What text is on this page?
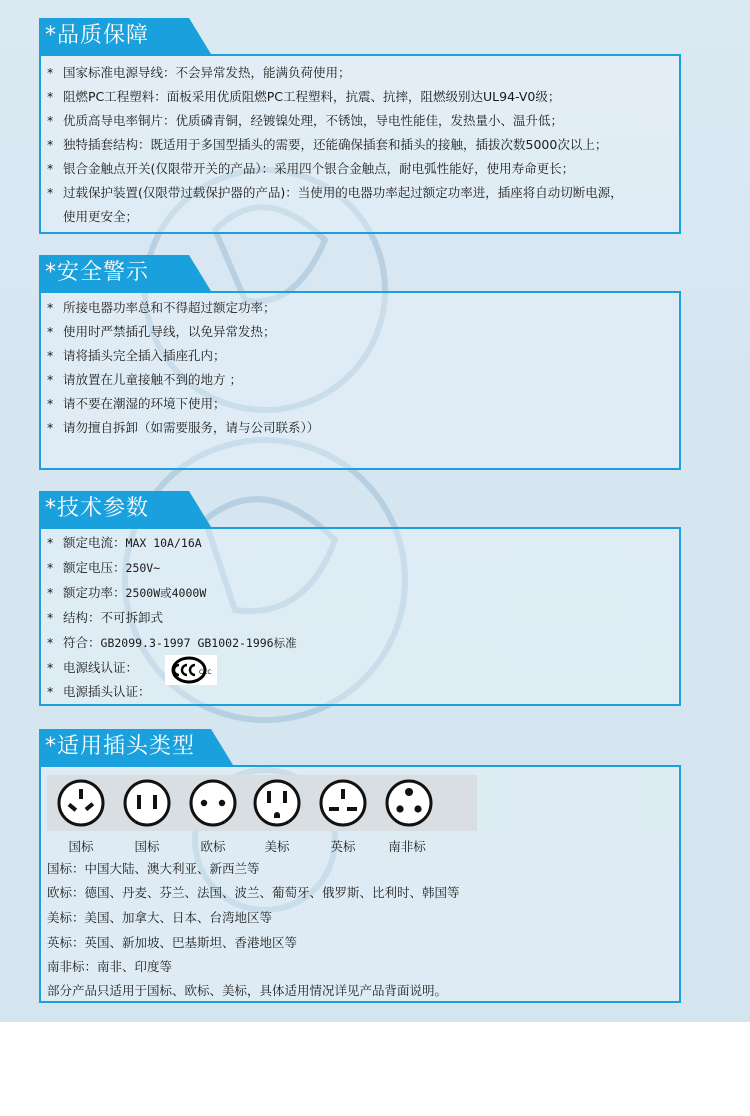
*品质保障
* 国家标准电源导线：不会异常发热，能满负荷使用；
* 阻燃PC工程塑料：面板采用优质阻燃PC工程塑料，抗震、抗摔，阻燃级别达UL94-V0级；
* 优质高导电率铜片：优质磷青铜，经镀镍处理，不锈蚀，导电性能佳，发热量小、温升低；
* 独特插套结构：既适用于多国型插头的需要，还能确保插套和插头的接触，插拔次数5000次以上；
* 银合金触点开关(仅限带开关的产品）：采用四个银合金触点，耐电弧性能好，使用寿命更长；
* 过载保护装置(仅限带过载保护器的产品)：当使用的电器功率起过额定功率进，插座将自动切断电源，
使用更安全；
*安全警示
* 所接电器功率总和不得超过额定功率；
* 使用时严禁插孔导线，以免异常发热；
* 请将插头完全插入插座孔内；
* 请放置在儿童接触不到的地方 ；
* 请不要在潮湿的环境下使用；
* 请勿擅自拆卸（如需要服务，请与公司联系））
*技术参数
* 额定电流：MAX 10A/16A
* 额定电压：250V~
* 额定功率：2500W或4000W
* 结构：不可拆卸式
* 符合：GB2099.3-1997 GB1002-1996标准
* 电源线认证：
* 电源插头认证：
CCC
*适用插头类型
国标	国标	欧标	美标	英标	南非标
国标：中国大陆、澳大利亚、新西兰等
欧标：德国、丹麦、芬兰、法国、波兰、葡萄牙、俄罗斯、比利时、韩国等
美标：美国、加拿大、日本、台湾地区等
英标：英国、新加坡、巴基斯坦、香港地区等
南非标：南非、印度等
部分产品只适用于国标、欧标、美标，具体适用情况详见产品背面说明。
